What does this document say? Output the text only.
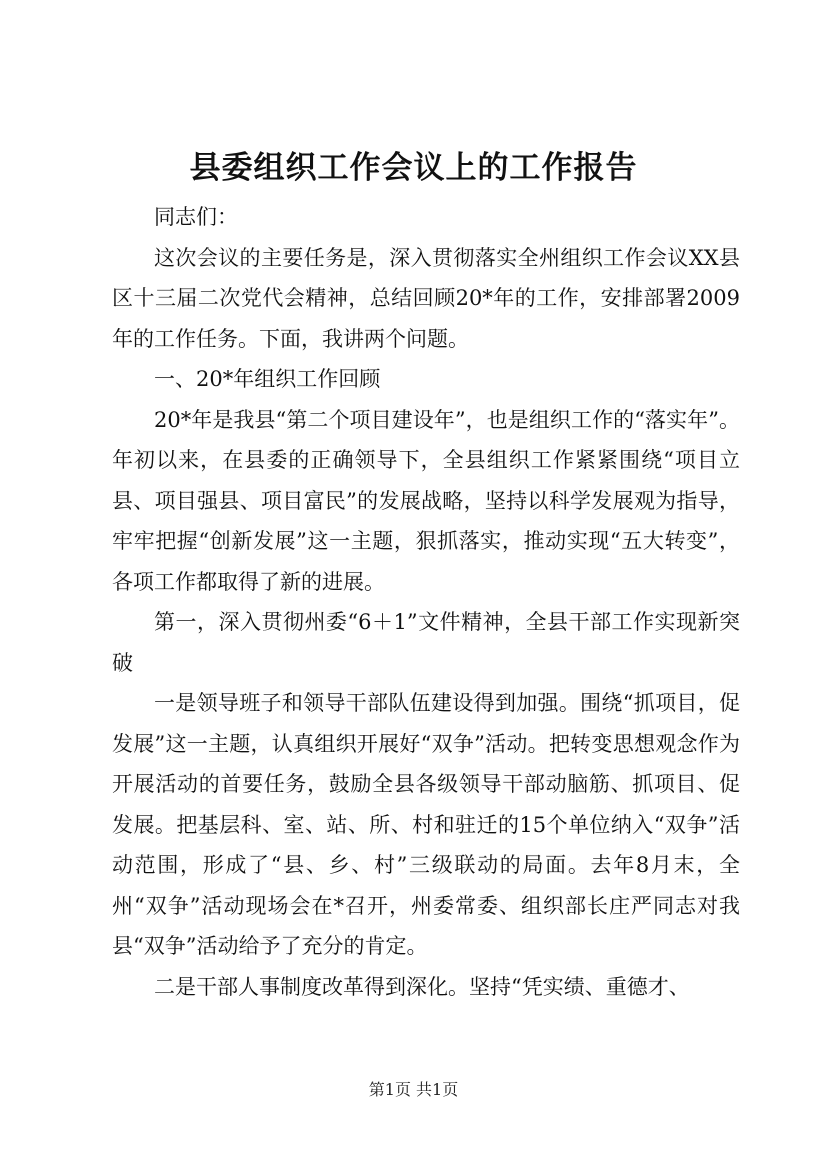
县委组织工作会议上的工作报告

同志们：

这次会议的主要任务是，深入贯彻落实全州组织工作会议XX县区十三届二次党代会精神，总结回顾20*年的工作，安排部署2009年的工作任务。下面，我讲两个问题。

一、20*年组织工作回顾

20*年是我县“第二个项目建设年”，也是组织工作的“落实年”。年初以来，在县委的正确领导下，全县组织工作紧紧围绕“项目立县、项目强县、项目富民”的发展战略，坚持以科学发展观为指导，牢牢把握“创新发展”这一主题，狠抓落实，推动实现“五大转变”，各项工作都取得了新的进展。

第一，深入贯彻州委“6＋1”文件精神，全县干部工作实现新突破

一是领导班子和领导干部队伍建设得到加强。围绕“抓项目，促发展”这一主题，认真组织开展好“双争”活动。把转变思想观念作为开展活动的首要任务，鼓励全县各级领导干部动脑筋、抓项目、促发展。把基层科、室、站、所、村和驻迁的15个单位纳入“双争”活动范围，形成了“县、乡、村”三级联动的局面。去年8月末，全州“双争”活动现场会在*召开，州委常委、组织部长庄严同志对我县“双争”活动给予了充分的肯定。

二是干部人事制度改革得到深化。坚持“凭实绩、重德才、

第1页 共1页
